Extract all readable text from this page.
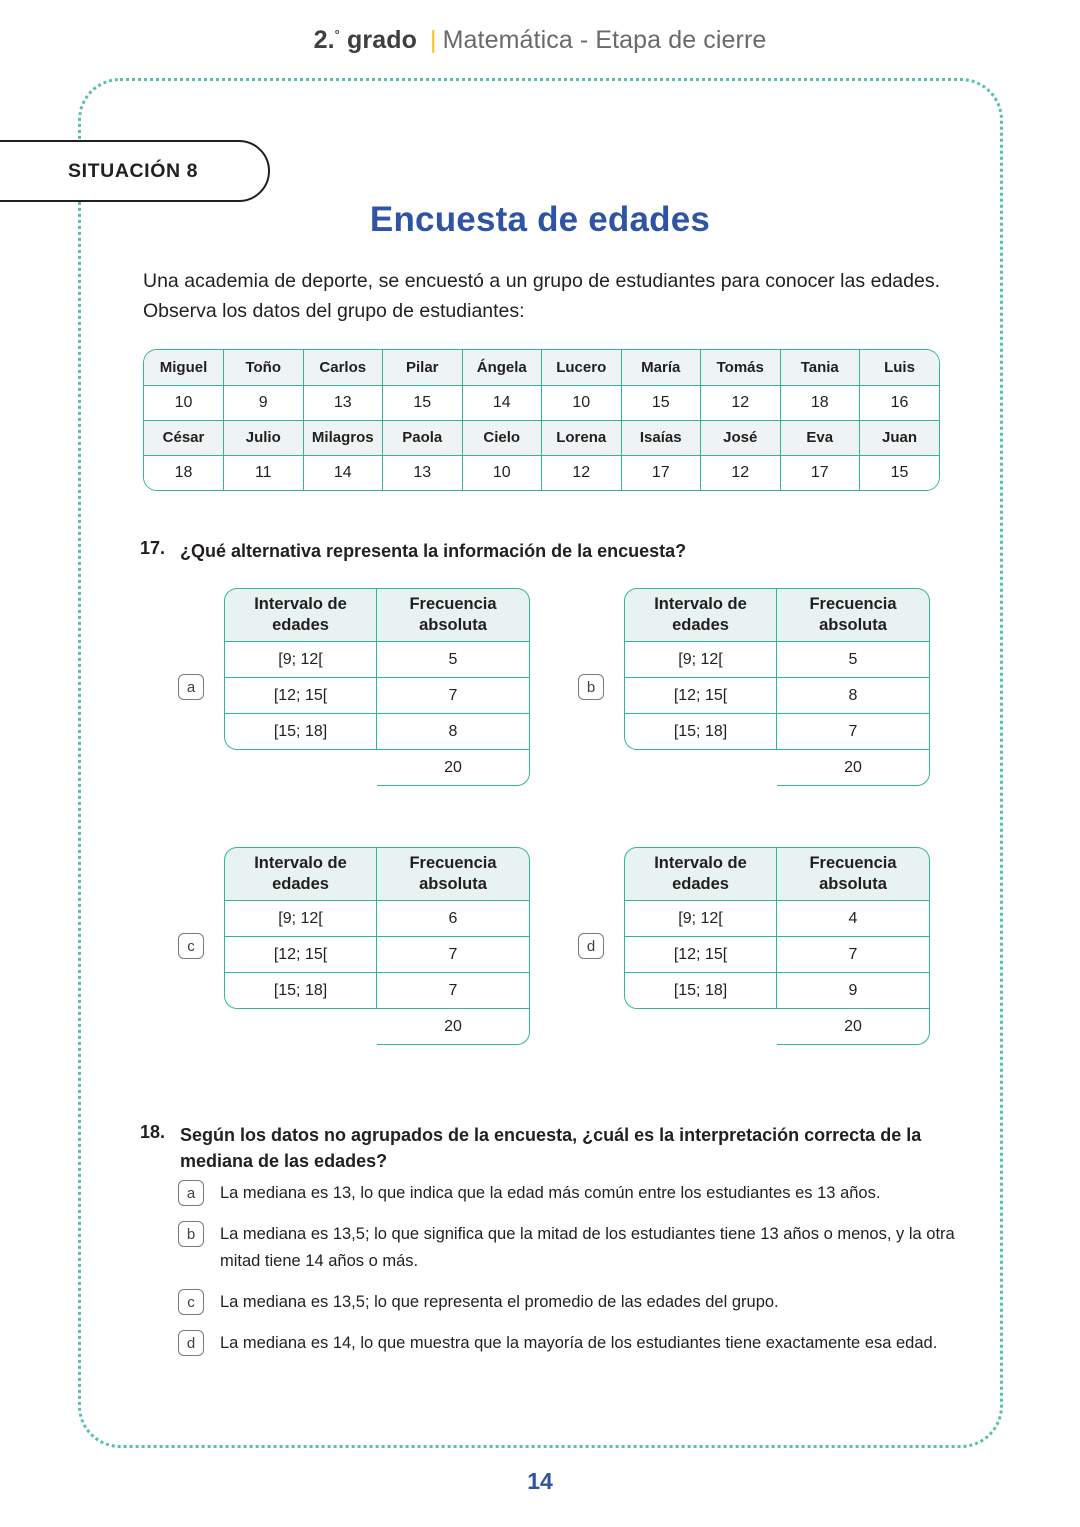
2.° grado | Matemática - Etapa de cierre
SITUACIÓN 8
Encuesta de edades
Una academia de deporte, se encuestó a un grupo de estudiantes para conocer las edades. Observa los datos del grupo de estudiantes:
Miguel	Toño	Carlos	Pilar	Ángela	Lucero	María	Tomás	Tania	Luis
10	9	13	15	14	10	15	12	18	16
César	Julio	Milagros	Paola	Cielo	Lorena	Isaías	José	Eva	Juan
18	11	14	13	10	12	17	12	17	15
17. ¿Qué alternativa representa la información de la encuesta?
a
Intervalo de
edades

Frecuencia
absoluta

[9; 12[	5
[12; 15[	7
[15; 18]	8
	20
b
Intervalo de
edades

Frecuencia
absoluta

[9; 12[	5
[12; 15[	8
[15; 18]	7
	20
c
Intervalo de
edades

Frecuencia
absoluta

[9; 12[	6
[12; 15[	7
[15; 18]	7
	20
d
Intervalo de
edades

Frecuencia
absoluta

[9; 12[	4
[12; 15[	7
[15; 18]	9
	20
18. Según los datos no agrupados de la encuesta, ¿cuál es la interpretación correcta de la mediana de las edades?
a	La mediana es 13, lo que indica que la edad más común entre los estudiantes es 13 años.
b	La mediana es 13,5; lo que significa que la mitad de los estudiantes tiene 13 años o menos, y la otra mitad tiene 14 años o más.
c	La mediana es 13,5; lo que representa el promedio de las edades del grupo.
d	La mediana es 14, lo que muestra que la mayoría de los estudiantes tiene exactamente esa edad.
14
